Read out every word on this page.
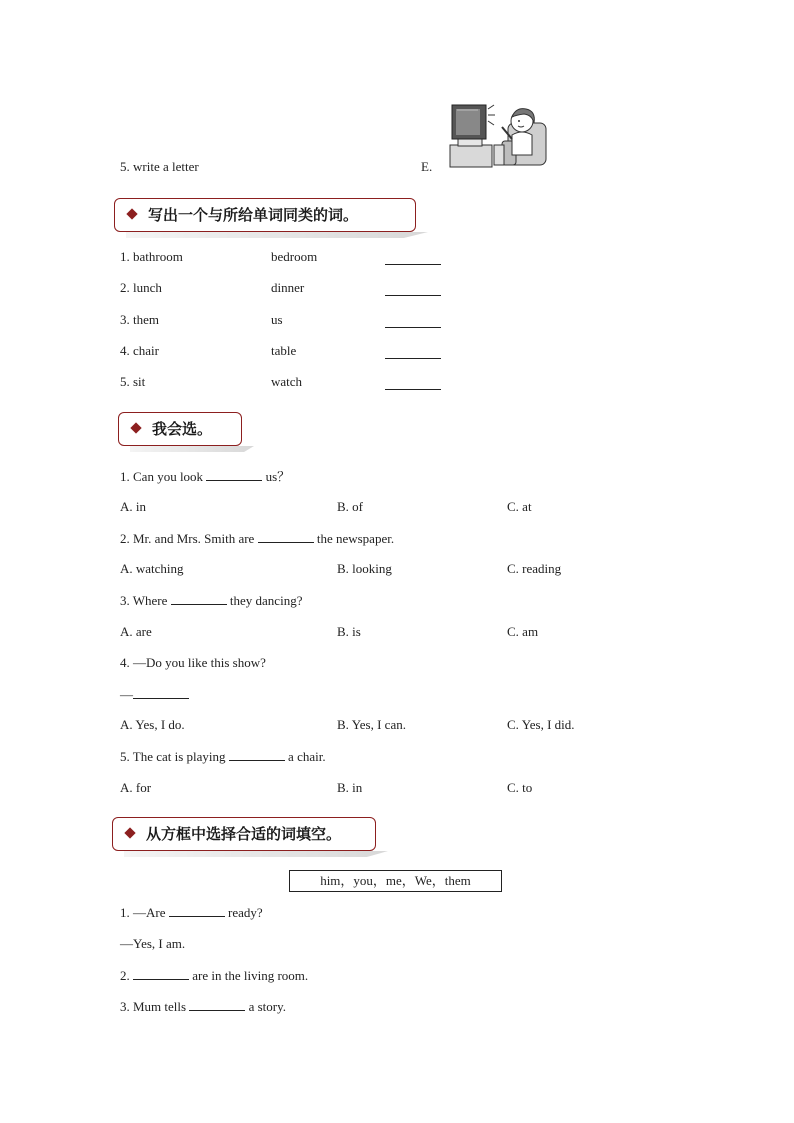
5. write a letter	E.
写出一个与所给单词同类的词。
1. bathroom	bedroom
2. lunch	dinner
3. them	us
4. chair	table
5. sit	watch
我会选。
1. Can you look	us？
A. in	B. of	C. at
2. Mr. and Mrs. Smith are	the newspaper.
A. watching	B. looking	C. reading
3. Where	they dancing?
A. are	B. is	C. am
4. —Do you like this show?
—
A. Yes, I do.	B. Yes, I can.	C. Yes, I did.
5. The cat is playing	a chair.
A. for	B. in	C. to
从方框中选择合适的词填空。
him，you，me，We，them
1. —Are	ready?
—Yes, I am.
2.	are in the living room.
3. Mum tells	a story.
